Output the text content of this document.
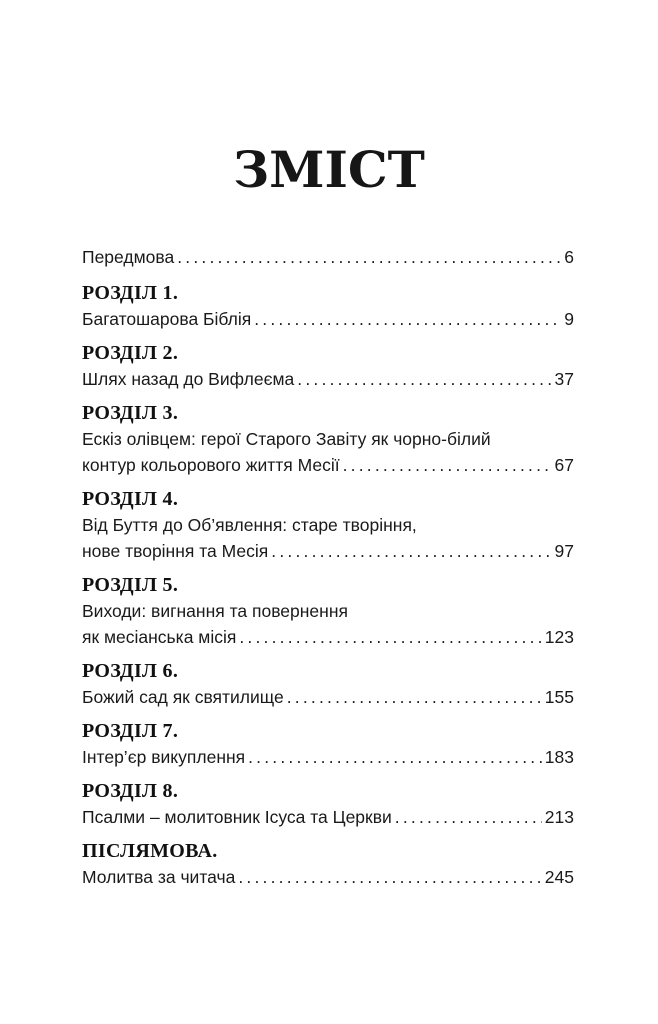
ЗМІСТ
Передмова .....	6
РОЗДІЛ 1.
Багатошарова Біблія .....	9
РОЗДІЛ 2.
Шлях назад до Вифлеєма .....	37
РОЗДІЛ 3.
Ескіз олівцем: герої Старого Завіту як чорно-білий
контур кольорового життя Месії .....	67
РОЗДІЛ 4.
Від Буття до Об’явлення: старе творіння,
нове творіння та Месія .....	97
РОЗДІЛ 5.
Виходи: вигнання та повернення
як месіанська місія .....	123
РОЗДІЛ 6.
Божий сад як святилище .....	155
РОЗДІЛ 7.
Інтер’єр викуплення .....	183
РОЗДІЛ 8.
Псалми – молитовник Ісуса та Церкви .....	213
ПІСЛЯМОВА.
Молитва за читача .....	245
